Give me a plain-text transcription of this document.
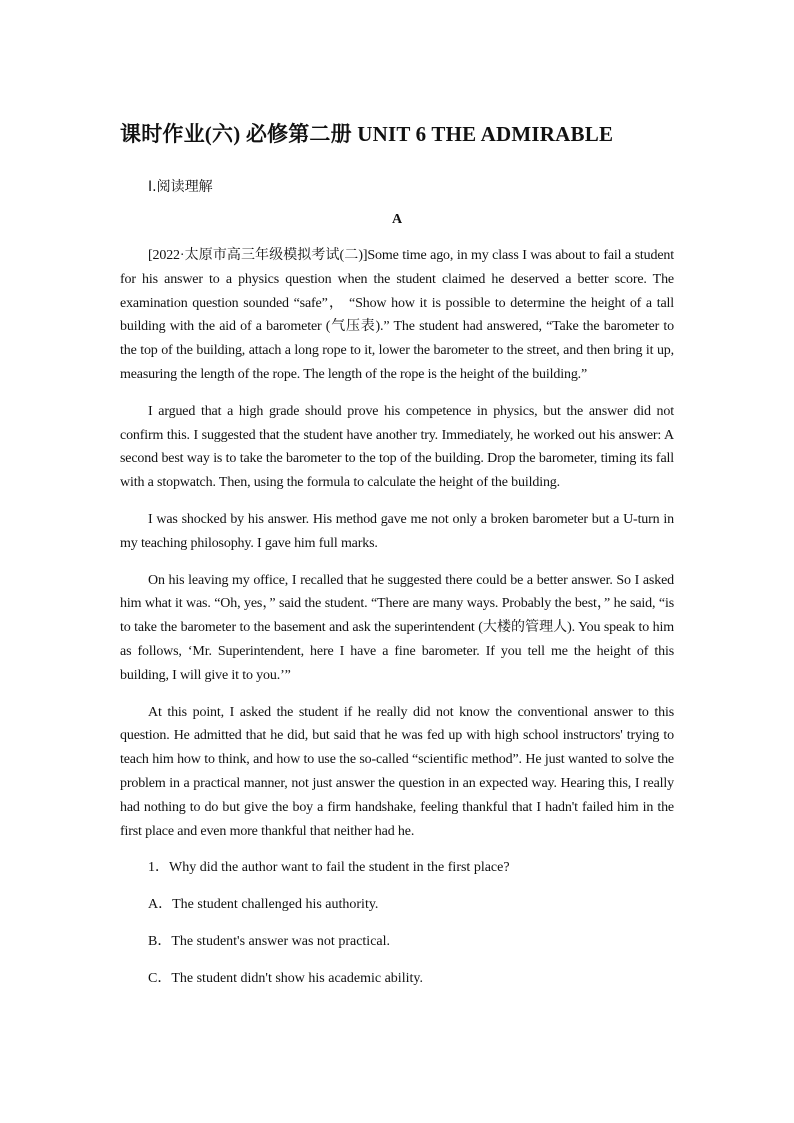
课时作业(六) 必修第二册 UNIT 6 THE ADMIRABLE
Ⅰ.阅读理解
A

[2022·太原市高三年级模拟考试(二)]Some time ago, in my class I was about to fail a student for his answer to a physics question when the student claimed he deserved a better score. The examination question sounded “safe”， “Show how it is possible to determine the height of a tall building with the aid of a barometer (气压表).” The student had answered, “Take the barometer to the top of the building, attach a long rope to it, lower the barometer to the street, and then bring it up, measuring the length of the rope. The length of the rope is the height of the building.”

I argued that a high grade should prove his competence in physics, but the answer did not confirm this. I suggested that the student have another try. Immediately, he worked out his answer: A second best way is to take the barometer to the top of the building. Drop the barometer, timing its fall with a stopwatch. Then, using the formula to calculate the height of the building.

I was shocked by his answer. His method gave me not only a broken barometer but a U-turn in my teaching philosophy. I gave him full marks.

On his leaving my office, I recalled that he suggested there could be a better answer. So I asked him what it was. “Oh, yes，” said the student. “There are many ways. Probably the best，” he said, “is to take the barometer to the basement and ask the superintendent (大楼的管理人). You speak to him as follows, ‘Mr. Superintendent, here I have a fine barometer. If you tell me the height of this building, I will give it to you.’”

At this point, I asked the student if he really did not know the conventional answer to this question. He admitted that he did, but said that he was fed up with high school instructors' trying to teach him how to think, and how to use the so-called “scientific method”. He just wanted to solve the problem in a practical manner, not just answer the question in an expected way. Hearing this, I really had nothing to do but give the boy a firm handshake, feeling thankful that I hadn't failed him in the first place and even more thankful that neither had he.

1．Why did the author want to fail the student in the first place?

A．The student challenged his authority.

B．The student's answer was not practical.

C．The student didn't show his academic ability.
